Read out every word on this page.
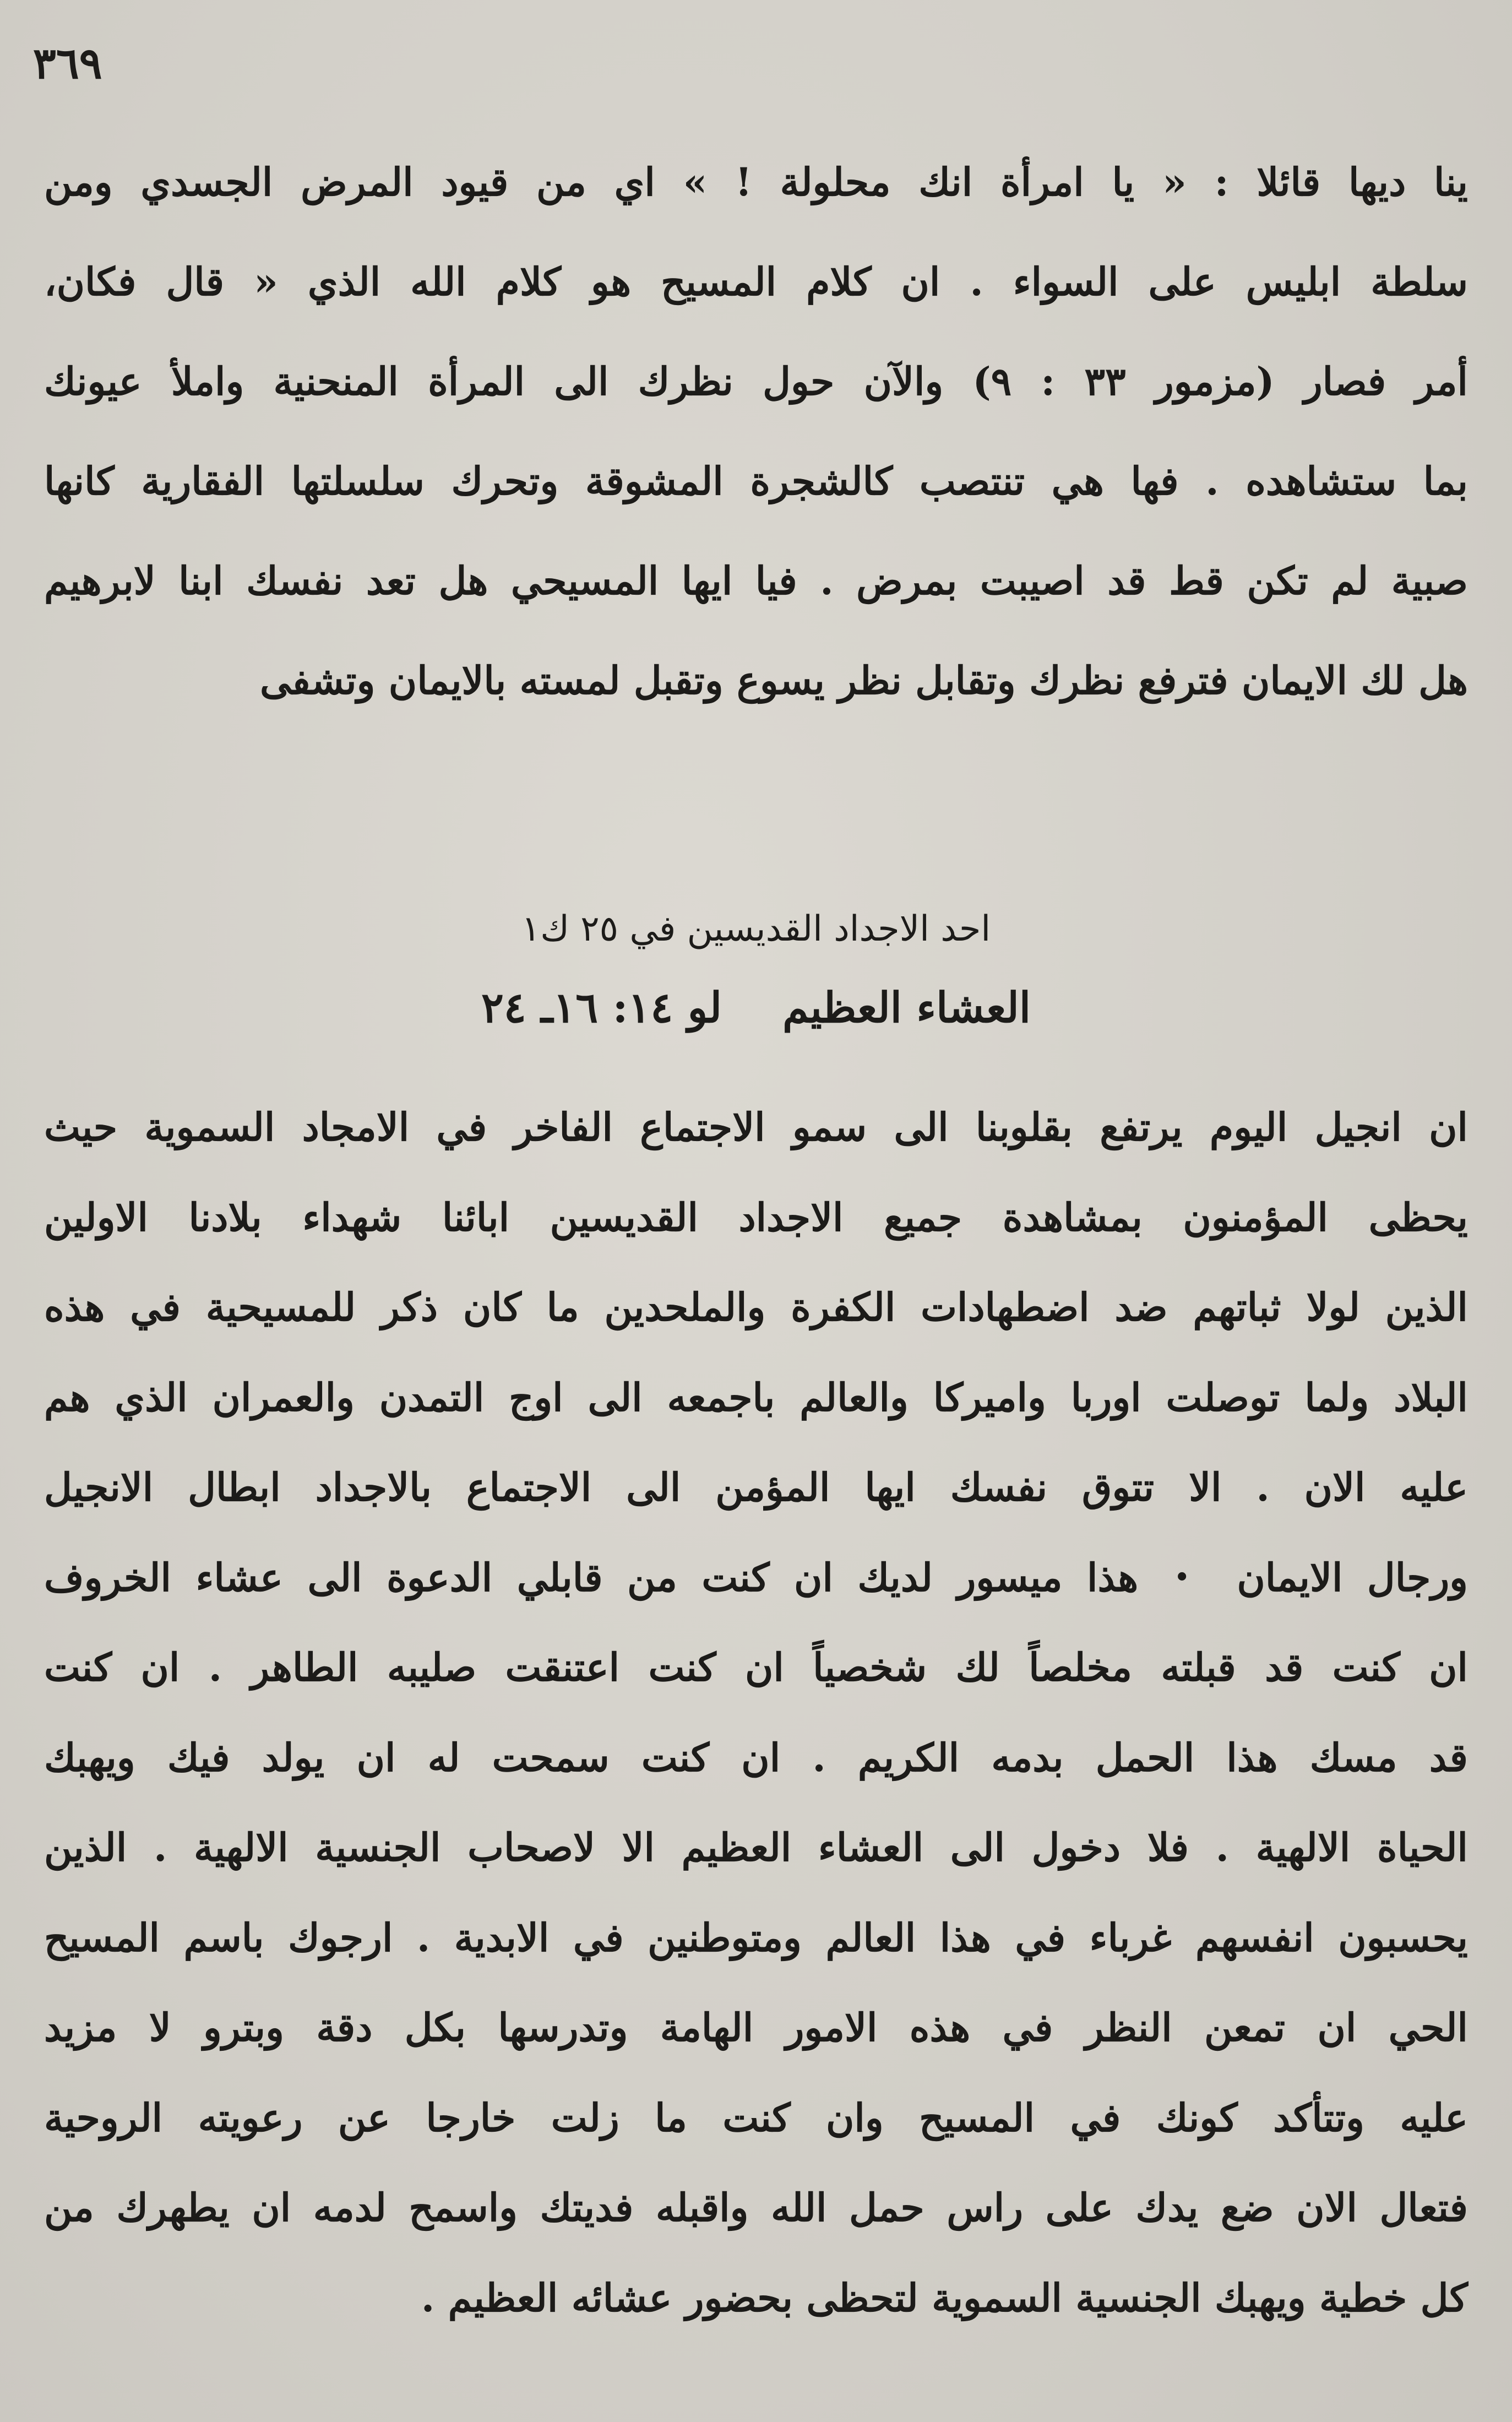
٣٦٩
ينا ديها قائلا : « يا امرأة انك محلولة ! » اي من قيود المرض الجسدي ومن
سلطة ابليس على السواء . ان كلام المسيح هو كلام الله الذي « قال فكان،
أمر فصار (مزمور ٣٣ : ٩) والآن حول نظرك الى المرأة المنحنية واملأ عيونك
بما ستشاهده . فها هي تنتصب كالشجرة المشوقة وتحرك سلسلتها الفقارية كانها
صبية لم تكن قط قد اصيبت بمرض . فيا ايها المسيحي هل تعد نفسك ابنا لابرهيم
هل لك الايمان فترفع نظرك وتقابل نظر يسوع وتقبل لمسته بالايمان وتشفى
احد الاجداد القديسين في ٢٥ ك١
العشاء العظيملو ١٤: ١٦ـ ٢٤
ان انجيل اليوم يرتفع بقلوبنا الى سمو الاجتماع الفاخر في الامجاد السموية حيث
يحظى المؤمنون بمشاهدة جميع الاجداد القديسين ابائنا شهداء بلادنا الاولين
الذين لولا ثباتهم ضد اضطهادات الكفرة والملحدين ما كان ذكر للمسيحية في هذه
البلاد ولما توصلت اوربا واميركا والعالم باجمعه الى اوج التمدن والعمران الذي هم
عليه الان . الا تتوق نفسك ايها المؤمن الى الاجتماع بالاجداد ابطال الانجيل
ورجال الايمان ・ هذا ميسور لديك ان كنت من قابلي الدعوة الى عشاء الخروف
ان كنت قد قبلته مخلصاً لك شخصياً ان كنت اعتنقت صليبه الطاهر . ان كنت
قد مسك هذا الحمل بدمه الكريم . ان كنت سمحت له ان يولد فيك ويهبك
الحياة الالهية . فلا دخول الى العشاء العظيم الا لاصحاب الجنسية الالهية . الذين
يحسبون انفسهم غرباء في هذا العالم ومتوطنين في الابدية . ارجوك باسم المسيح
الحي ان تمعن النظر في هذه الامور الهامة وتدرسها بكل دقة وبترو لا مزيد
عليه وتتأكد كونك في المسيح وان كنت ما زلت خارجا عن رعويته الروحية
فتعال الان ضع يدك على راس حمل الله واقبله فديتك واسمح لدمه ان يطهرك من
كل خطية ويهبك الجنسية السموية لتحظى بحضور عشائه العظيم .
